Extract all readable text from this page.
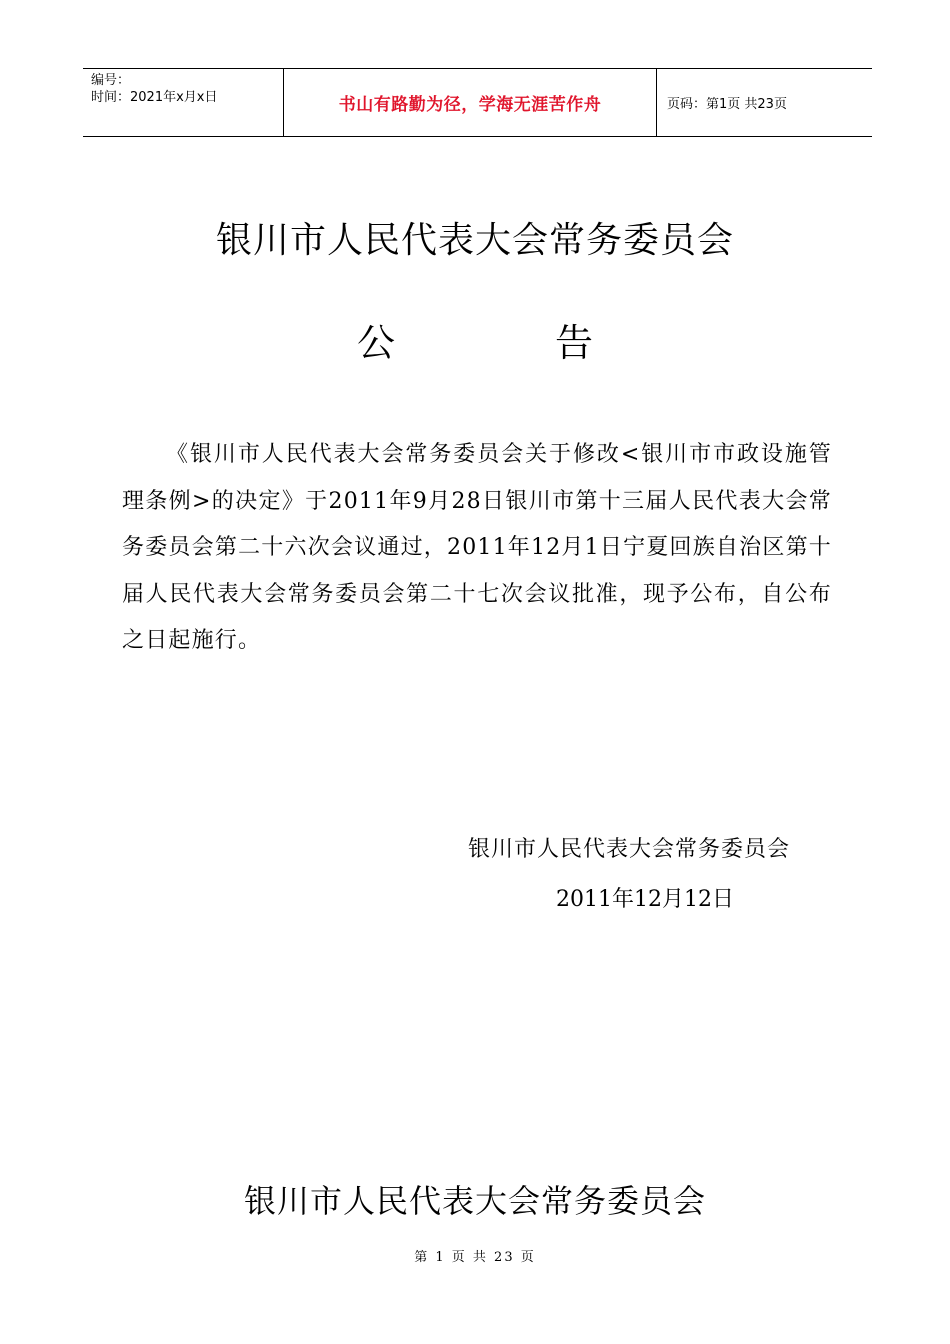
编号：
时间：2021年x月x日	书山有路勤为径，学海无涯苦作舟	页码：第1页 共23页
银川市人民代表大会常务委员会
公	告
《银川市人民代表大会常务委员会关于修改<银川市市政设施管理条例>的决定》于2011年9月28日银川市第十三届人民代表大会常务委员会第二十六次会议通过，2011年12月1日宁夏回族自治区第十届人民代表大会常务委员会第二十七次会议批准，现予公布，自公布之日起施行。
银川市人民代表大会常务委员会
2011年12月12日
银川市人民代表大会常务委员会
第 1 页 共 23 页
